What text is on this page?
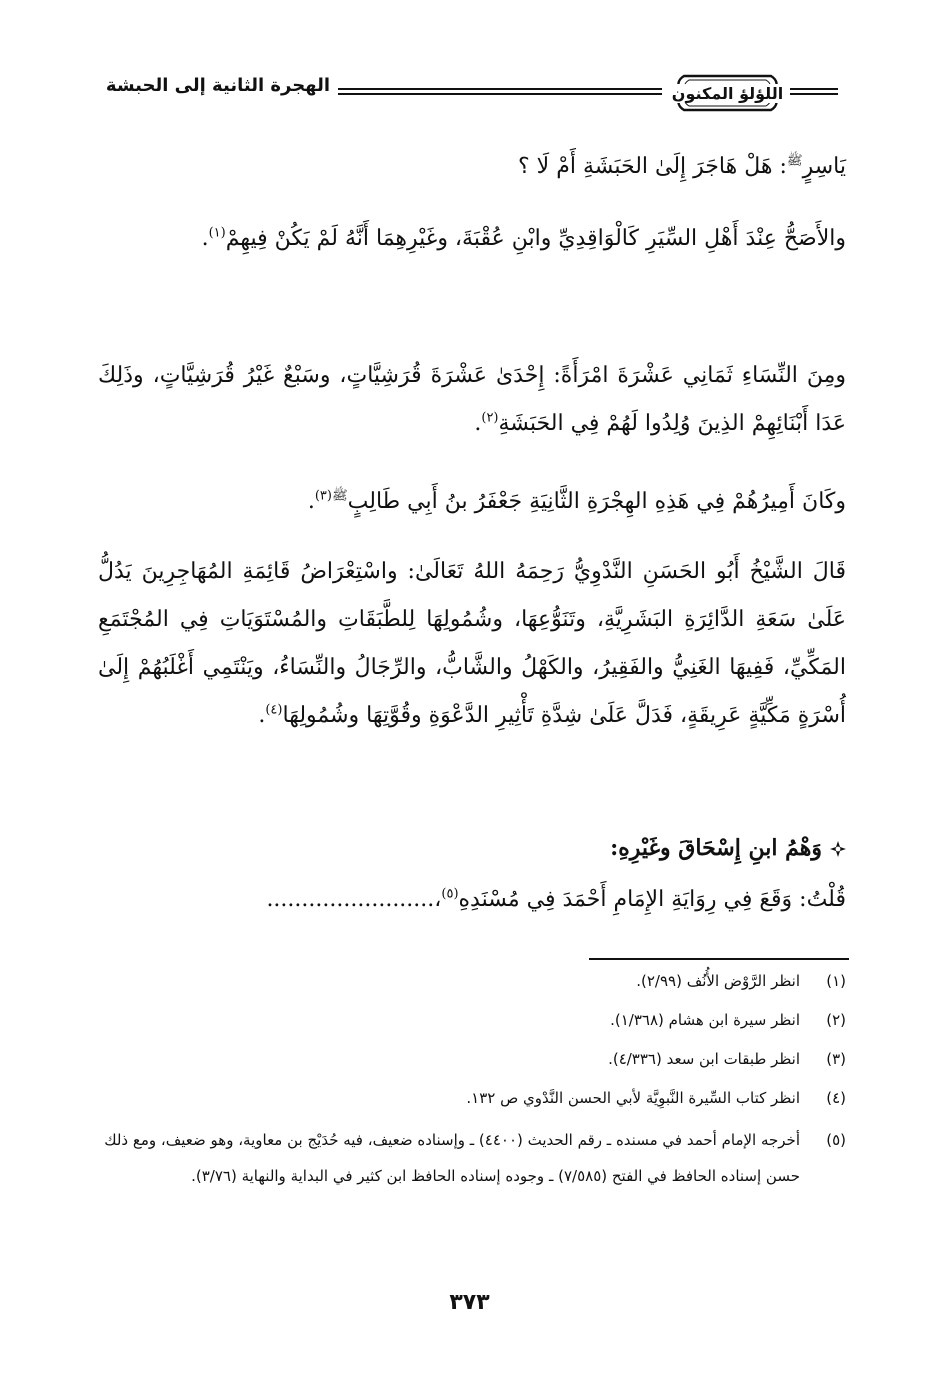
اللؤلؤ المكنون
الهجرة الثانية إلى الحبشة

يَاسِرٍ$^ﷺ$: هَلْ هَاجَرَ إِلَىٰ الحَبَشَةِ أَمْ لَا ؟

والأَصَحُّ عِنْدَ أَهْلِ السِّيَرِ كَالْوَاقِدِيِّ وابْنِ عُقْبَةَ، وغَيْرِهِمَا أَنَّهُ لَمْ يَكُنْ فِيهِمْ$^{(١)}$.

ومِنَ النِّسَاءِ ثَمَانِي عَشْرَةَ امْرَأَةً: إِحْدَىٰ عَشْرَةَ قُرَشِيَّاتٍ، وسَبْعٌ غَيْرُ قُرَشِيَّاتٍ، وذَلِكَ عَدَا أَبْنَائِهِمْ الذِينَ وُلِدُوا لَهُمْ فِي الحَبَشَةِ$^{(٢)}$.

وكَانَ أَمِيرُهُمْ فِي هَذِهِ الهِجْرَةِ الثَّانِيَةِ جَعْفَرُ بنُ أَبِي طَالِبٍ$^{ﷺ(٣)}$.

قَالَ الشَّيْخُ أَبُو الحَسَنِ النَّدْوِيُّ رَحِمَهُ اللهُ تَعَالَىٰ: واسْتِعْرَاضُ قَائِمَةِ المُهَاجِرِينَ يَدُلُّ عَلَىٰ سَعَةِ الدَّائِرَةِ البَشَرِيَّةِ، وتَنَوُّعِهَا، وشُمُولِهَا لِلطَّبَقَاتِ والمُسْتَوَيَاتِ فِي المُجْتَمَعِ المَكِّيِّ، فَفِيهَا الغَنِيُّ والفَقِيرُ، والكَهْلُ والشَّابُّ، والرِّجَالُ والنِّسَاءُ، ويَنْتَمِي أَغْلَبُهُمْ إِلَىٰ أُسْرَةٍ مَكِّيَّةٍ عَرِيقَةٍ، فَدَلَّ عَلَىٰ شِدَّةِ تَأْثِيرِ الدَّعْوَةِ وقُوَّتِهَا وشُمُولِهَا$^{(٤)}$.

وَهْمُ ابنِ إِسْحَاقَ وغَيْرِهِ:
قُلْتُ: وَقَعَ فِي رِوَايَةِ الإِمَامِ أَحْمَدَ فِي مُسْنَدِهِ$^{(٥)}$،........................
(١)
انظر الرَّوْض الأُنُف (٢/٩٩).
(٢)
انظر سيرة ابن هشام (١/٣٦٨).
(٣)
انظر طبقات ابن سعد (٤/٣٣٦).
(٤)
انظر كتاب السِّيرة النَّبوِيَّة لأبي الحسن النَّدْوي ص ١٣٢.
(٥)
أخرجه الإمام أحمد في مسنده ـ رقم الحديث (٤٤٠٠) ـ وإسناده ضعيف، فيه حُدَيْج بن معاوية، وهو ضعيف، ومع ذلك حسن إسناده الحافظ في الفتح (٧/٥٨٥) ـ وجوده إسناده الحافظ ابن كثير في البداية والنهاية (٣/٧٦).
٣٧٣
